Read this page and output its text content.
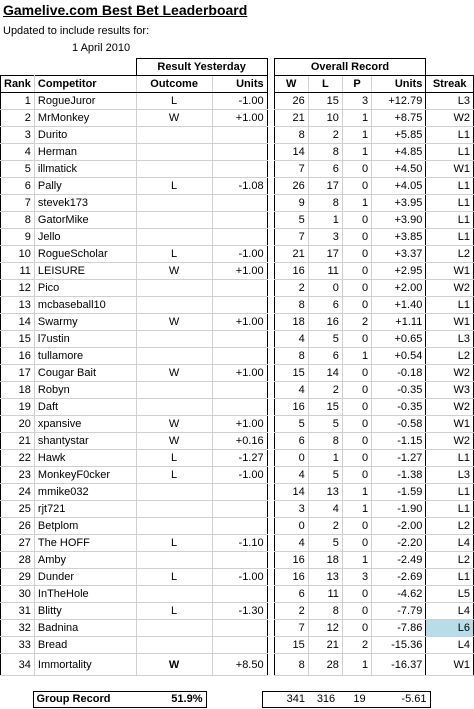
Gamelive.com Best Bet Leaderboard
Updated to include results for:
1 April 2010
		Result Yesterday			Overall Record				
Rank	Competitor	Outcome	Units		W	L	P	Units	Streak
1	RogueJuror	L	-1.00		26	15	3	+12.79	L3
2	MrMonkey	W	+1.00		21	10	1	+8.75	W2
3	Durito				8	2	1	+5.85	L1
4	Herman				14	8	1	+4.85	L1
5	illmatick				7	6	0	+4.50	W1
6	Pally	L	-1.08		26	17	0	+4.05	L1
7	stevek173				9	8	1	+3.95	L1
8	GatorMike				5	1	0	+3.90	L1
9	Jello				7	3	0	+3.85	L1
10	RogueScholar	L	-1.00		21	17	0	+3.37	L2
11	LEISURE	W	+1.00		16	11	0	+2.95	W1
12	Pico				2	0	0	+2.00	W2
13	mcbaseball10				8	6	0	+1.40	L1
14	Swarmy	W	+1.00		18	16	2	+1.11	W1
15	l7ustin				4	5	0	+0.65	L3
16	tullamore				8	6	1	+0.54	L2
17	Cougar Bait	W	+1.00		15	14	0	-0.18	W2
18	Robyn				4	2	0	-0.35	W3
19	Daft				16	15	0	-0.35	W2
20	xpansive	W	+1.00		5	5	0	-0.58	W1
21	shantystar	W	+0.16		6	8	0	-1.15	W2
22	Hawk	L	-1.27		0	1	0	-1.27	L1
23	MonkeyF0cker	L	-1.00		4	5	0	-1.38	L3
24	mmike032				14	13	1	-1.59	L1
25	rjt721				3	4	1	-1.90	L1
26	Betplom				0	2	0	-2.00	L2
27	The HOFF	L	-1.10		4	5	0	-2.20	L4
28	Amby				16	18	1	-2.49	L2
29	Dunder	L	-1.00		16	13	3	-2.69	L1
30	InTheHole				6	11	0	-4.62	L5
31	Blitty	L	-1.30		2	8	0	-7.79	L4
32	Badnina				7	12	0	-7.86	L6
33	Bread				15	21	2	-15.36	L4
34	Immortality	W	+8.50		8	28	1	-16.37	W1
	Group Record	51.9%		341	316	19	-5.61
